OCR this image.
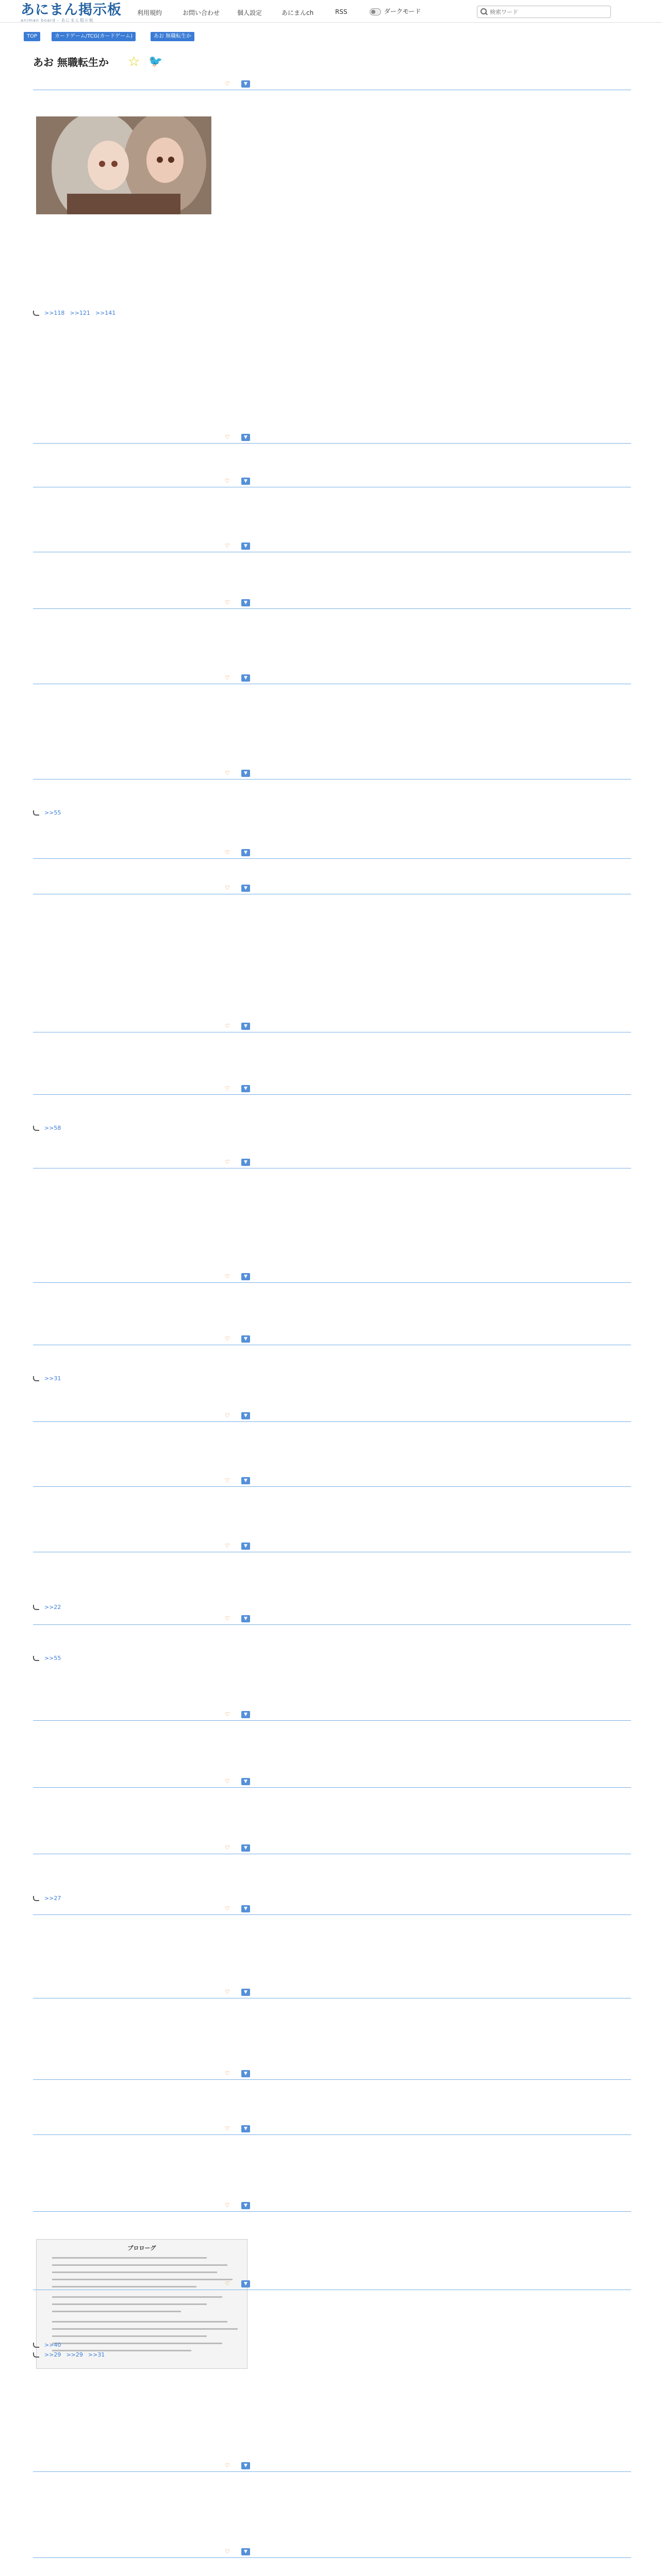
あにまん掲示板
animan board - あにまん掲示板
利用規約	お問い合わせ	個人設定	あにまんch	RSS	ダークモード
検索ワード
TOP	カードゲーム/TCG(カードゲーム)	あお 無職転生か
あお 無職転生か ☆ 🐦
プロローグ
♡	▼
♡	▼
♡	▼
♡	▼
♡	▼
♡	▼
♡	▼
♡	▼
♡	▼
♡	▼
♡	▼
♡	▼
♡	▼
♡	▼
♡	▼
♡	▼
♡	▼
♡	▼
♡	▼
♡	▼
♡	▼
♡	▼
♡	▼
♡	▼
♡	▼
♡	▼
♡	▼
♡	▼
♡	▼
>>118 >>121 >>141
>>55
>>58
>>31
>>22
>>55
>>27
>>29 >>29 >>31
>>40
